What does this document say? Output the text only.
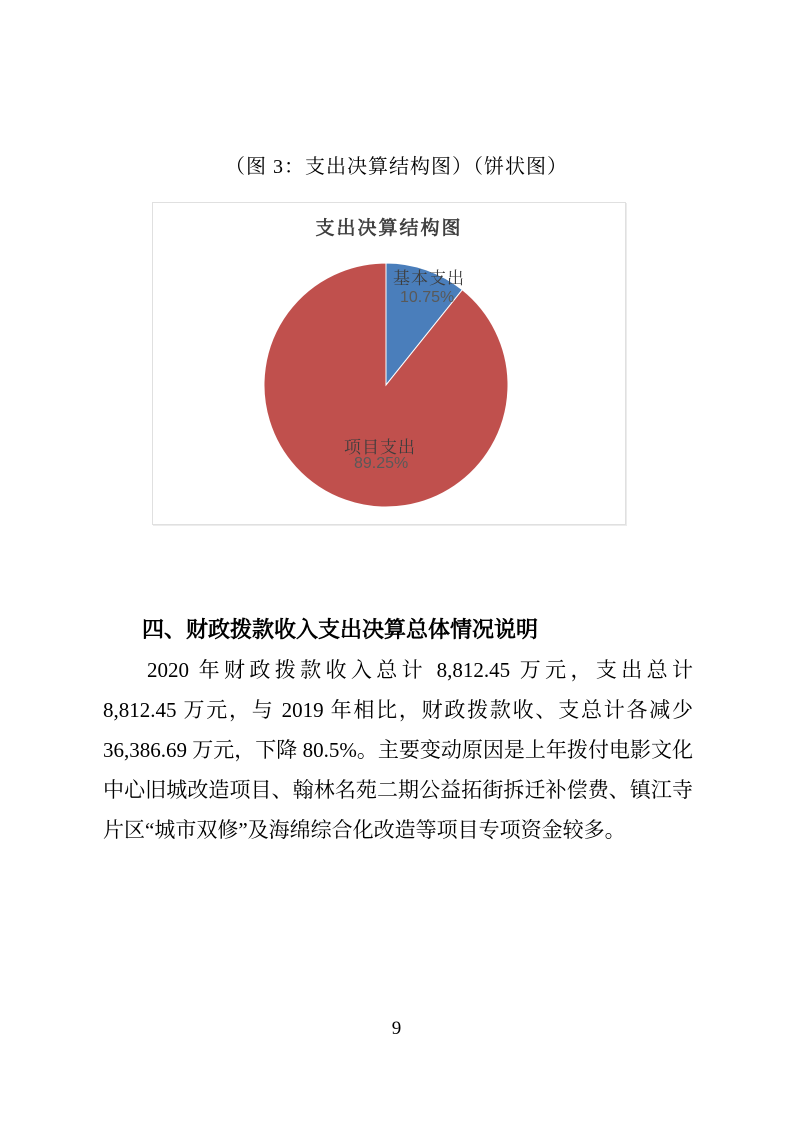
（图 3：支出决算结构图）（饼状图）
支出决算结构图
基本支出
10.75%
项目支出
89.25%
四、财政拨款收入支出决算总体情况说明
2020 年财政拨款收入总计 8,812.45 万元，支出总计
8,812.45 万元，与 2019 年相比，财政拨款收、支总计各减少
36,386.69 万元，下降 80.5%。主要变动原因是上年拨付电影文化
中心旧城改造项目、翰林名苑二期公益拓街拆迁补偿费、镇江寺
片区“城市双修”及海绵综合化改造等项目专项资金较多。
9
